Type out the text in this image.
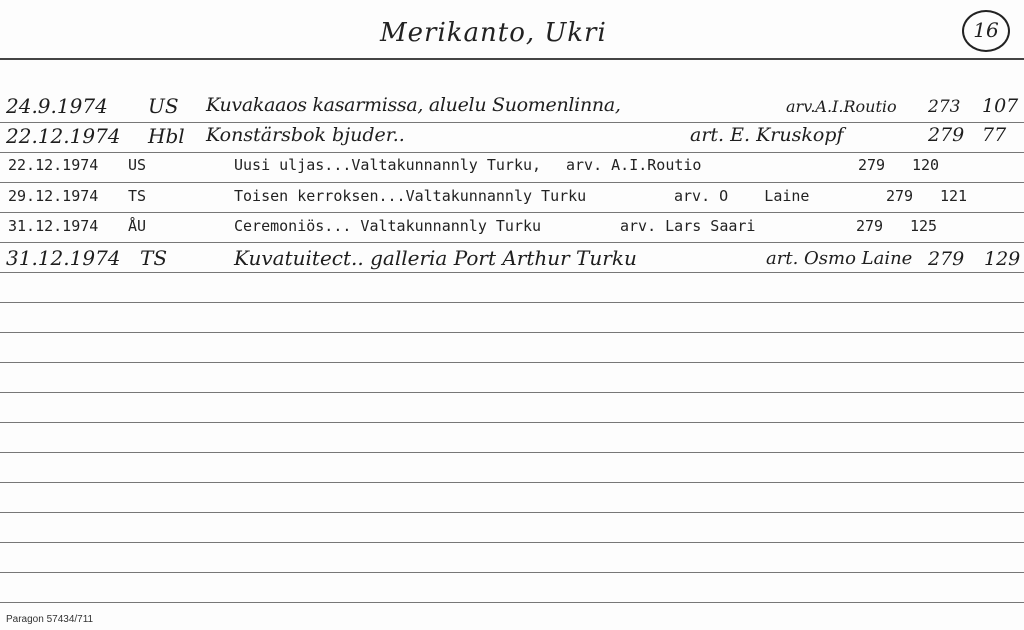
Merikanto, Ukri	16
24.9.1974 US Kuvakaaos kasarmissa, aluelu Suomenlinna,	arv.A.I.Routio 273 107
22.12.1974 Hbl Konstärsbok bjuder..	art. E. Kruskopf	279 77
22.12.1974 US	Uusi uljas...Valtakunnannly Turku, arv. A.I.Routio	279 120
29.12.1974 TS	Toisen kerroksen...Valtakunnannly Turku	arv. O    Laine	279 121
31.12.1974 ÅU	Ceremoniös... Valtakunnannly Turku	arv. Lars Saari	279 125
31.12.1974 TS	Kuvatuitect.. galleria Port Arthur Turku	art. Osmo Laine 279 129
Paragon 57434/711
